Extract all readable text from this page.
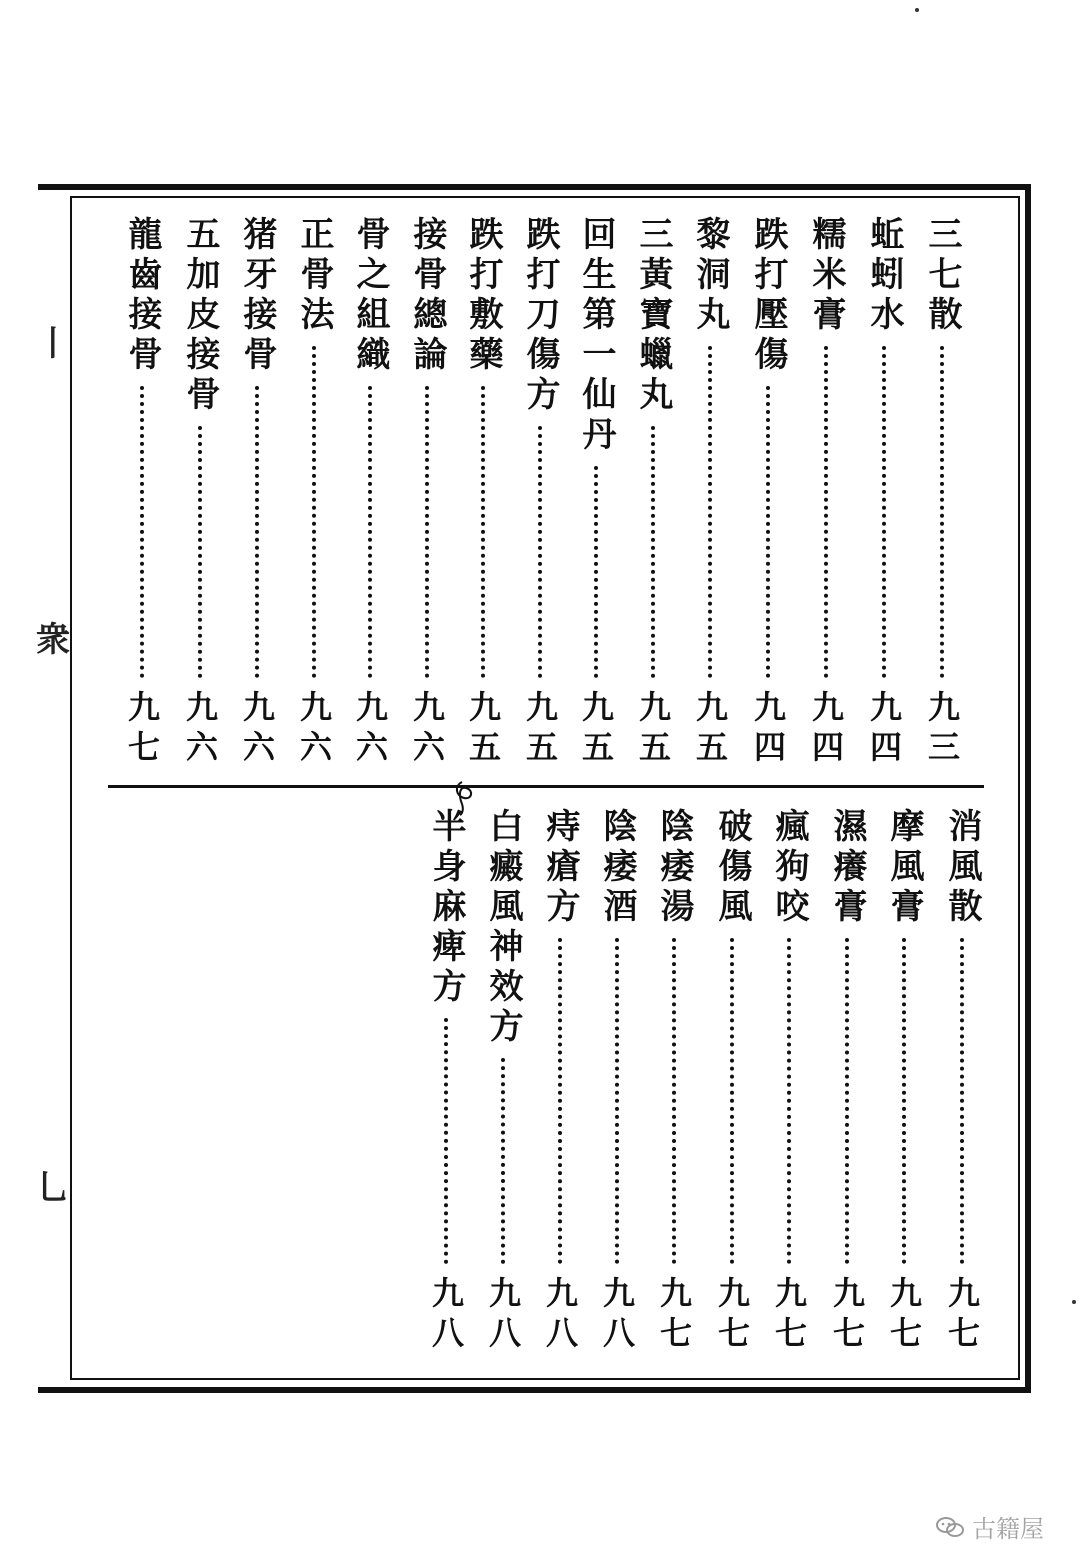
丨
衆
乚
三七散
九三
蚯蚓水
九四
糯米膏
九四
跌打壓傷
九四
黎洞丸
九五
三黃寶蠟丸
九五
回生第一仙丹
九五
跌打刀傷方
九五
跌打敷藥
九五
接骨總論
九六
骨之組織
九六
正骨法
九六
猪牙接骨
九六
五加皮接骨
九六
龍齒接骨
九七
消風散
九七
摩風膏
九七
濕癢膏
九七
瘋狗咬
九七
破傷風
九七
陰痿湯
九七
陰痿酒
九八
痔瘡方
九八
白癜風神效方
九八
半身麻痺方
九八
古籍屋
